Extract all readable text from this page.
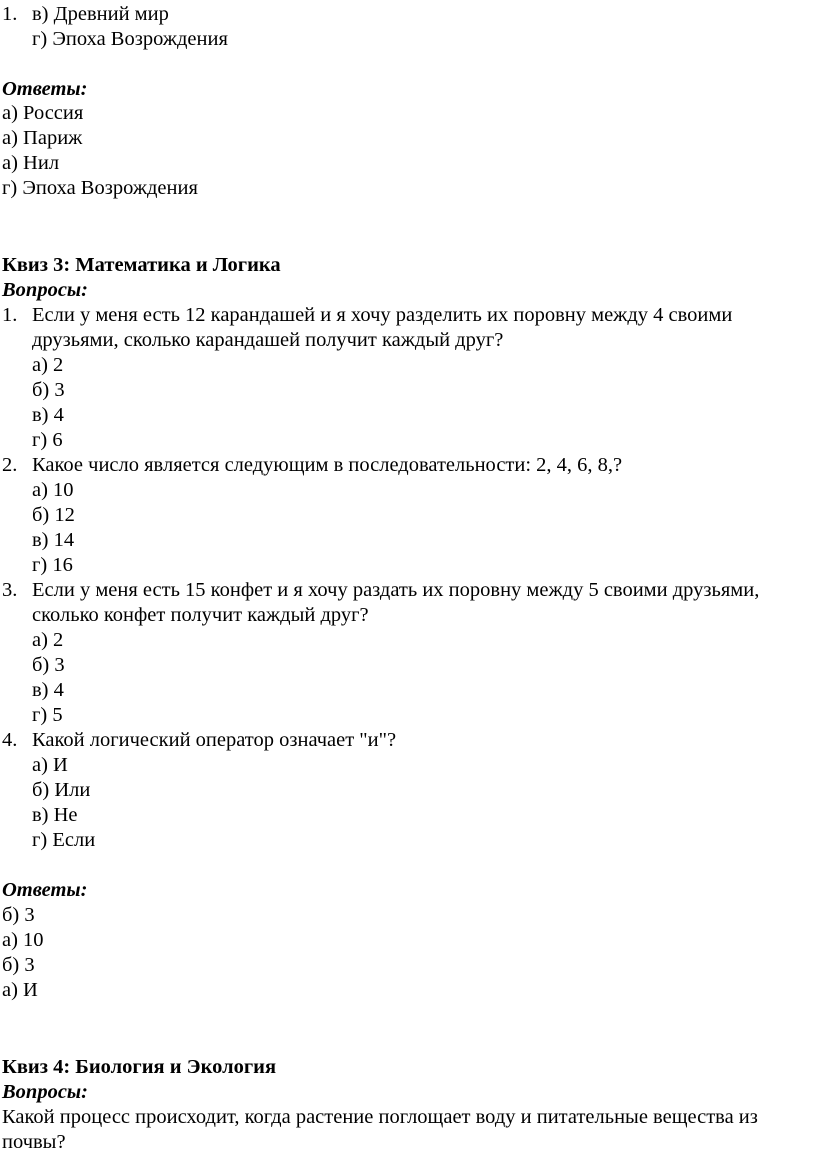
1. в) Древний мир
г) Эпоха Возрождения
Ответы:
а) Россия
а) Париж
а) Нил
г) Эпоха Возрождения
Квиз 3: Математика и Логика
Вопросы:
1. Если у меня есть 12 карандашей и я хочу разделить их поровну между 4 своими
друзьями, сколько карандашей получит каждый друг?
а) 2
б) 3
в) 4
г) 6
2. Какое число является следующим в последовательности: 2, 4, 6, 8,?
а) 10
б) 12
в) 14
г) 16
3. Если у меня есть 15 конфет и я хочу раздать их поровну между 5 своими друзьями,
сколько конфет получит каждый друг?
а) 2
б) 3
в) 4
г) 5
4. Какой логический оператор означает "и"?
а) И
б) Или
в) Не
г) Если
Ответы:
б) 3
а) 10
б) 3
а) И
Квиз 4: Биология и Экология
Вопросы:
Какой процесс происходит, когда растение поглощает воду и питательные вещества из
почвы?
